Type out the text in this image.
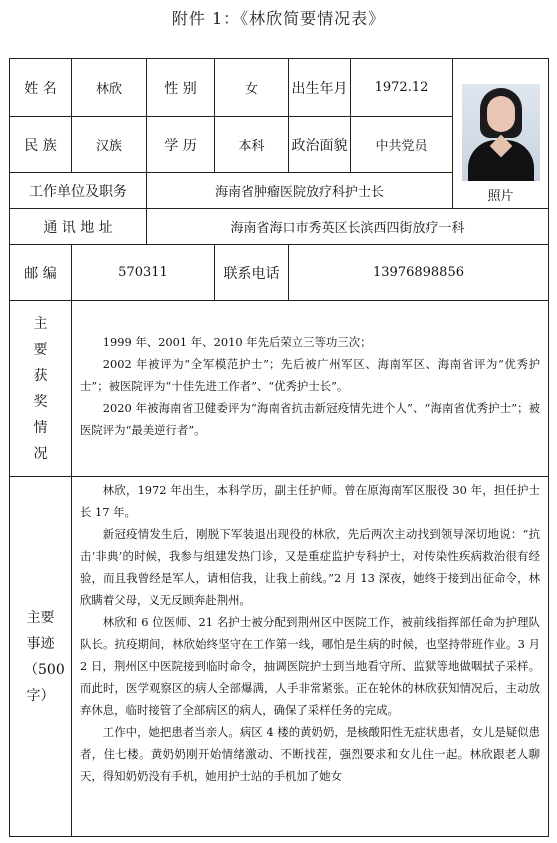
附件 1：《林欣简要情况表》
姓 名	林欣	性 别	女	出生年月	1972.12	照片

民 族	汉族	学 历	本科	政治面貌	中共党员	
工作单位及职务		海南省肿瘤医院放疗科护士长				
通 讯 地 址		海南省海口市秀英区长滨西四街放疗一科				
邮 编	570311		联系电话	13976898856		
主要获奖情况	1999 年、2001 年、2010 年先后荣立三等功三次；

2002 年被评为“全军模范护士”；先后被广州军区、海南军区、海南省评为“优秀护士”；被医院评为“十佳先进工作者”、“优秀护士长”。

2020 年被海南省卫健委评为“海南省抗击新冠疫情先进个人”、“海南省优秀护士”；被医院评为“最美逆行者”。					

主要事迹（500字）	林欣，1972 年出生，本科学历，副主任护师。曾在原海南军区服役 30 年，担任护士长 17 年。

新冠疫情发生后，刚脱下军装退出现役的林欣，先后两次主动找到领导深切地说：“抗击‘非典’的时候，我参与组建发热门诊，又是重症监护专科护士，对传染性疾病救治很有经验，而且我曾经是军人，请相信我，让我上前线。”2 月 13 深夜，她终于接到出征命令，林欣瞒着父母，义无反顾奔赴荆州。

林欣和 6 位医师、21 名护士被分配到荆州区中医院工作，被前线指挥部任命为护理队队长。抗疫期间，林欣始终坚守在工作第一线，哪怕是生病的时候，也坚持带班作业。3 月 2 日，荆州区中医院接到临时命令，抽调医院护士到当地看守所、监狱等地做咽拭子采样。而此时，医学观察区的病人全部爆满，人手非常紧张。正在轮休的林欣获知情况后，主动放弃休息，临时接管了全部病区的病人，确保了采样任务的完成。

工作中，她把患者当亲人。病区 4 楼的黄奶奶，是核酸阳性无症状患者，女儿是疑似患者，住七楼。黄奶奶刚开始情绪激动、不断找茬，强烈要求和女儿住一起。林欣跟老人聊天，得知奶奶没有手机，她用护士站的手机加了她女					
